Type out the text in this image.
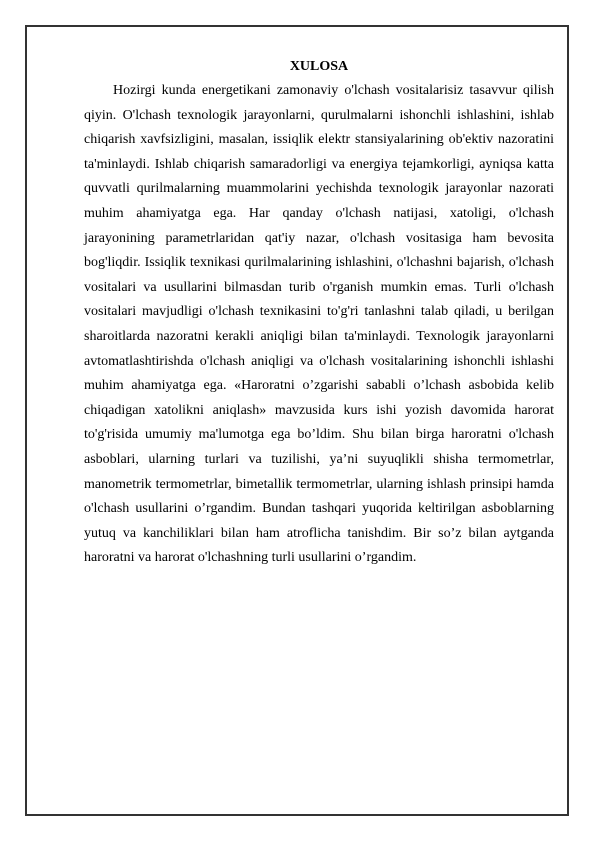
XULOSA

Hozirgi kunda energetikani zamonaviy o'lchash vositalarisiz tasavvur qilish qiyin. O'lchash texnologik jarayonlarni, qurulmalarni ishonchli ishlashini, ishlab chiqarish xavfsizligini, masalan, issiqlik elektr stansiyalarining ob'ektiv nazoratini ta'minlaydi. Ishlab chiqarish samaradorligi va energiya tejamkorligi, ayniqsa katta quvvatli qurilmalarning muammolarini yechishda texnologik jarayonlar nazorati muhim ahamiyatga ega. Har qanday o'lchash natijasi, xatoligi, o'lchash jarayonining parametrlaridan qat'iy nazar, o'lchash vositasiga ham bevosita bog'liqdir. Issiqlik texnikasi qurilmalarining ishlashini, o'lchashni bajarish, o'lchash vositalari va usullarini bilmasdan turib o'rganish mumkin emas. Turli o'lchash vositalari mavjudligi o'lchash texnikasini to'g'ri tanlashni talab qiladi, u berilgan sharoitlarda nazoratni kerakli aniqligi bilan ta'minlaydi. Texnologik jarayonlarni avtomatlashtirishda o'lchash aniqligi va o'lchash vositalarining ishonchli ishlashi muhim ahamiyatga ega. «Haroratni o’zgarishi sababli o’lchash asbobida kelib chiqadigan xatolikni aniqlash» mavzusida kurs ishi yozish davomida harorat to'g'risida umumiy ma'lumotga ega bo’ldim. Shu bilan birga haroratni o'lchash asboblari, ularning turlari va tuzilishi, ya’ni suyuqlikli shisha termometrlar, manometrik termometrlar, bimetallik termometrlar, ularning ishlash prinsipi hamda o'lchash usullarini o’rgandim. Bundan tashqari yuqorida keltirilgan asboblarning yutuq va kanchiliklari bilan ham atroflicha tanishdim. Bir so’z bilan aytganda haroratni va harorat o'lchashning turli usullarini o’rgandim.
